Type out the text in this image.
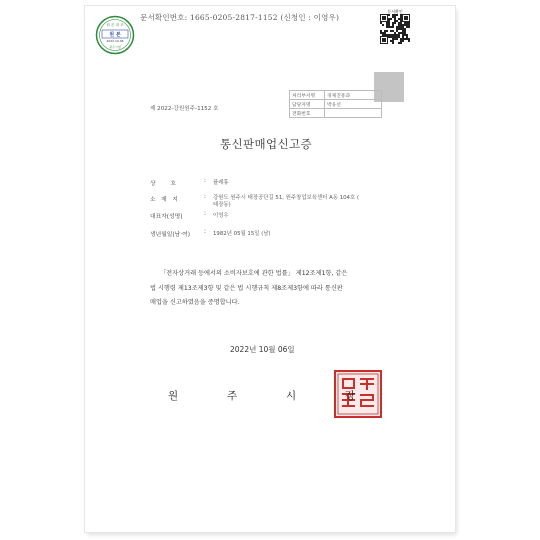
원 본 대 조
원 본
2022.10.06
원주시청
문서확인번호: 1665-0205-2817-1152 (신청인 : 이영우)
문서확인
처리부서명	경제진흥과
담당자명	박웅선
전화번호	
제 2022-강원원주-1152 호
통신판매업신고증
상        호	: 플레휴
소   재   지	: 강원도 원주시 태장공단길 51, 원주창업보육센터 A동 104호 (
태장동)
대표자(성명)	: 이영우
생년월일(남·여) : 1982년 05월 15일 (남)
「전자상거래 등에서의 소비자보호에 관한 법률」 제12조제1항, 같은
법 시행령 제13조제3항 및 같은 법 시행규칙 제8조제3항에 따라 통신판
매업을 신고하였음을 증명합니다.
2022년 10월 06일
원	주	시	장
